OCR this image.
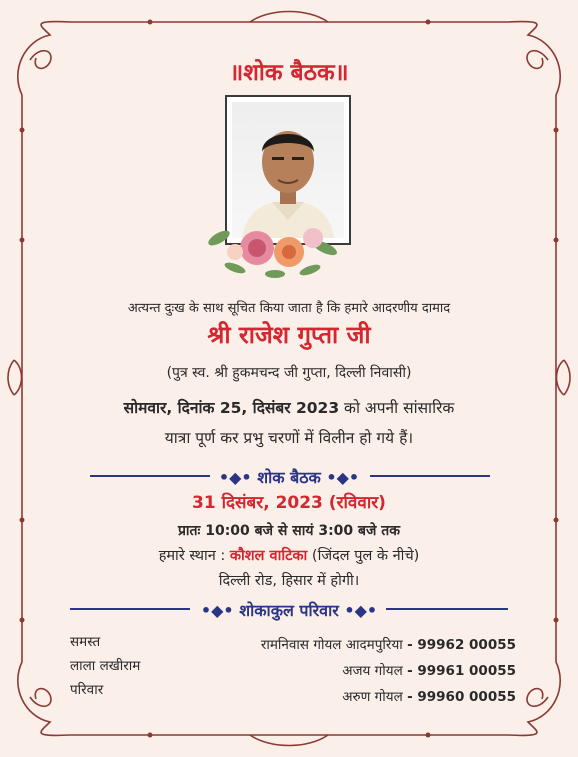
॥शोक बैठक॥
अत्यन्त दुःख के साथ सूचित किया जाता है कि हमारे आदरणीय दामाद
श्री राजेश गुप्ता जी
(पुत्र स्व. श्री हुकमचन्द जी गुप्ता, दिल्ली निवासी)
सोमवार, दिनांक 25, दिसंबर 2023 को अपनी सांसारिक
यात्रा पूर्ण कर प्रभु चरणों में विलीन हो गये हैं।
•◆• शोक बैठक •◆•
31 दिसंबर, 2023 (रविवार)
प्रातः 10:00 बजे से सायं 3:00 बजे तक
हमारे स्थान : कौशल वाटिका (जिंदल पुल के नीचे)
दिल्ली रोड, हिसार में होगी।
•◆• शोकाकुल परिवार •◆•
समस्त
लाला लखीराम
परिवार
रामनिवास गोयल आदमपुरिया - 99962 00055
अजय गोयल - 99961 00055
अरुण गोयल - 99960 00055
